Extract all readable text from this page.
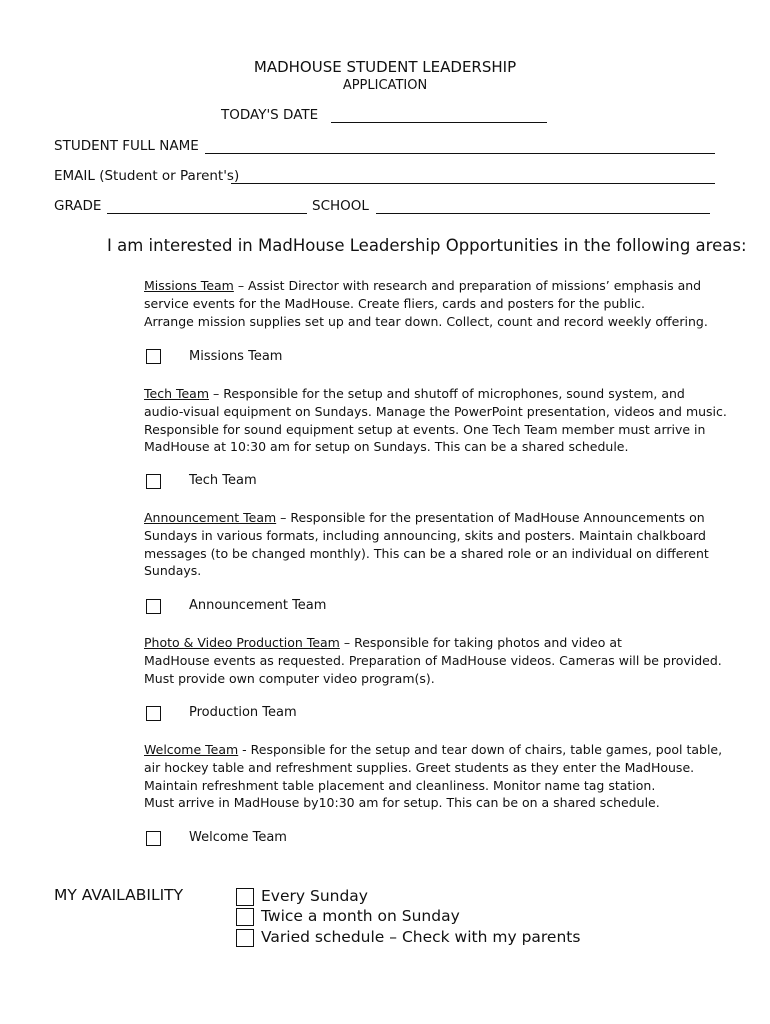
MADHOUSE STUDENT LEADERSHIP
APPLICATION
TODAY'S DATE
STUDENT FULL NAME
EMAIL (Student or Parent's)
GRADE	SCHOOL
I am interested in MadHouse Leadership Opportunities in the following areas:

Missions Team – Assist Director with research and preparation of missions’ emphasis and

service events for the MadHouse. Create fliers, cards and posters for the public.

Arrange mission supplies set up and tear down. Collect, count and record weekly offering.

Missions Team

Tech Team – Responsible for the setup and shutoff of microphones, sound system, and

audio-visual equipment on Sundays. Manage the PowerPoint presentation, videos and music.

Responsible for sound equipment setup at events. One Tech Team member must arrive in

MadHouse at 10:30 am for setup on Sundays. This can be a shared schedule.

Tech Team

Announcement Team – Responsible for the presentation of MadHouse Announcements on

Sundays in various formats, including announcing, skits and posters. Maintain chalkboard

messages (to be changed monthly). This can be a shared role or an individual on different

Sundays.

Announcement Team

Photo & Video Production Team – Responsible for taking photos and video at

MadHouse events as requested. Preparation of MadHouse videos. Cameras will be provided.

Must provide own computer video program(s).

Production Team

Welcome Team - Responsible for the setup and tear down of chairs, table games, pool table,

air hockey table and refreshment supplies. Greet students as they enter the MadHouse.

Maintain refreshment table placement and cleanliness. Monitor name tag station.

Must arrive in MadHouse by10:30 am for setup. This can be on a shared schedule.

Welcome Team
MY AVAILABILITY	Every Sunday
Twice a month on Sunday
Varied schedule – Check with my parents
